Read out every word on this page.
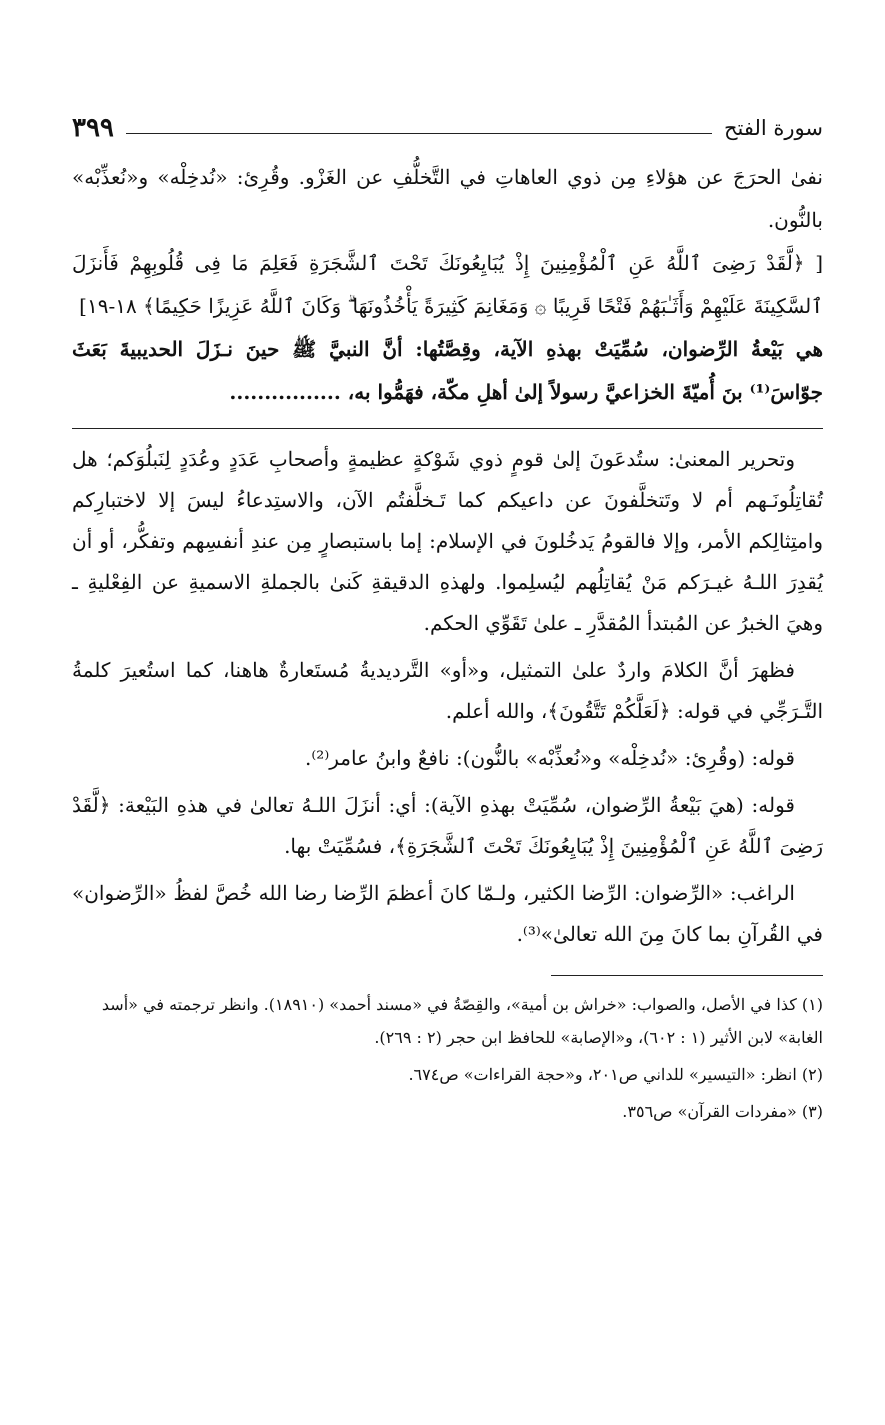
سورة الفتح
٣٩٩

نفىٰ الحرَجَ عن هؤلاءِ مِن ذوي العاهاتِ في التَّخلُّفِ عن الغَزْو. وقُرِئ: «نُدخِلْه» و«نُعذِّبْه» بالنُّون.

[ ﴿لَّقَدْ رَضِىَ ٱللَّهُ عَنِ ٱلْمُؤْمِنِينَ إِذْ يُبَايِعُونَكَ تَحْتَ ٱلشَّجَرَةِ فَعَلِمَ مَا فِى قُلُوبِهِمْ فَأَنزَلَ ٱلسَّكِينَةَ عَلَيْهِمْ وَأَثَـٰبَهُمْ فَتْحًا قَرِيبًا ۞ وَمَغَانِمَ كَثِيرَةً يَأْخُذُونَهَا ۗ وَكَانَ ٱللَّهُ عَزِيزًا حَكِيمًا﴾ ١٨-١٩]

هي بَيْعةُ الرِّضوان، سُمِّيَتْ بهذهِ الآية، وقِصَّتُها: أنَّ النبيَّ ﷺ حينَ نـزَلَ الحديبيةَ بَعَثَ جوّاسَ⁽¹⁾ بنَ أُميّةَ الخزاعيَّ رسولاً إلىٰ أهلِ مكّة، فهَمُّوا به، ................

وتحرير المعنىٰ: ستُدعَونَ إلىٰ قومٍ ذوي شَوْكةٍ عظيمةٍ وأصحابِ عَدَدٍ وعُدَدٍ لِنَبلُوَكم؛ هل تُقاتِلُونَـهم أم لا وتَتخلَّفونَ عن داعيكم كما تَـخلَّفتُم الآن، والاستِدعاءُ ليسَ إلا لاختبارِكم وامتِثالِكم الأمر، وإلا فالقومُ يَدخُلونَ في الإسلام: إما باستبصارٍ مِن عندِ أنفسِهم وتفكُّر، أو أن يُقدِرَ اللـهُ غيـرَكم مَنْ يُقاتِلُهم ليُسلِموا. ولهذهِ الدقيقةِ كَنىٰ بالجملةِ الاسميةِ عن الفِعْليةِ ـ وهيَ الخبرُ عن المُبتدأ المُقدَّرِ ـ علىٰ تَقَوِّي الحكم.

فظهرَ أنَّ الكلامَ واردٌ علىٰ التمثيل، و«أو» التَّرديديةُ مُستَعارةٌ هاهنا، كما استُعيرَ كلمةُ التَّـرَجِّي في قوله: ﴿لَعَلَّكُمْ تَتَّقُونَ﴾، والله أعلم.

قوله: (وقُرِئ: «نُدخِلْه» و«نُعذِّبْه» بالنُّون): نافعٌ وابنُ عامر⁽²⁾.

قوله: (هيَ بَيْعةُ الرِّضوان، سُمِّيَتْ بهذهِ الآية): أي: أنزَلَ اللـهُ تعالىٰ في هذهِ البَيْعة: ﴿لَّقَدْ رَضِىَ ٱللَّهُ عَنِ ٱلْمُؤْمِنِينَ إِذْ يُبَايِعُونَكَ تَحْتَ ٱلشَّجَرَةِ﴾، فسُمِّيَتْ بها.

الراغب: «الرِّضوان: الرِّضا الكثير، ولـمّا كانَ أعظمَ الرِّضا رضا الله خُصَّ لفظُ «الرِّضوان» في القُرآنِ بما كانَ مِنَ الله تعالىٰ»⁽³⁾.

(١) كذا في الأصل، والصواب: «خراش بن أمية»، والقِصّةُ في «مسند أحمد» (١٨٩١٠). وانظر ترجمته في «أسد الغابة» لابن الأثير (١ : ٦٠٢)، و«الإصابة» للحافظ ابن حجر (٢ : ٢٦٩).

(٢) انظر: «التيسير» للداني ص٢٠١، و«حجة القراءات» ص٦٧٤.

(٣) «مفردات القرآن» ص٣٥٦.
